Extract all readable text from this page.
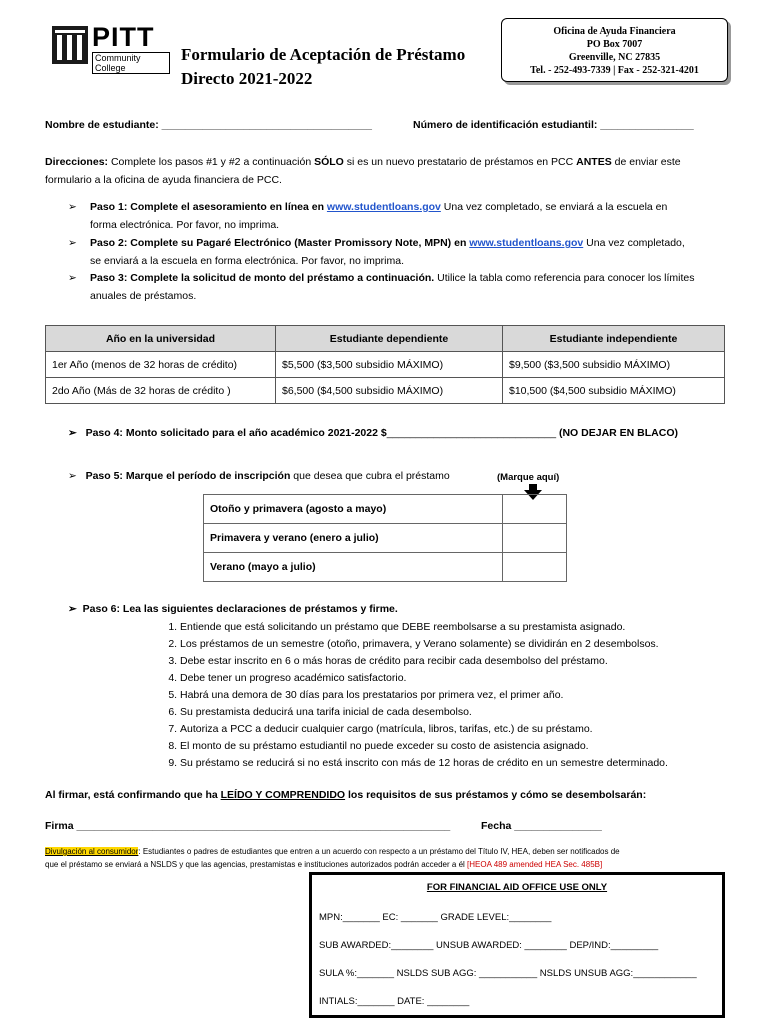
PITT
Community College
Formulario de Aceptación de Préstamo
Directo 2021-2022
Oficina de Ayuda Financiera
PO Box 7007
Greenville, NC 27835
Tel. - 252-493-7339 | Fax - 252-321-4201
Nombre de estudiante: ____________________________________	Número de identificación estudiantil: ________________
Direcciones: Complete los pasos #1 y #2 a continuación SÓLO si es un nuevo prestatario de préstamos en PCC ANTES de enviar este
formulario a la oficina de ayuda financiera de PCC.
➢ Paso 1: Complete el asesoramiento en línea en www.studentloans.gov Una vez completado, se enviará a la escuela en
forma electrónica. Por favor, no imprima.
➢ Paso 2: Complete su Pagaré Electrónico (Master Promissory Note, MPN) en www.studentloans.gov Una vez completado,
se enviará a la escuela en forma electrónica. Por favor, no imprima.
➢ Paso 3: Complete la solicitud de monto del préstamo a continuación. Utilice la tabla como referencia para conocer los límites
anuales de préstamos.
Año en la universidad	Estudiante dependiente	Estudiante independiente
1er Año (menos de 32 horas de crédito)	$5,500 ($3,500 subsidio MÁXIMO)	$9,500 ($3,500 subsidio MÁXIMO)
2do Año (Más de 32 horas de crédito )	$6,500 ($4,500 subsidio MÁXIMO)	$10,500 ($4,500 subsidio MÁXIMO)
➢ Paso 4: Monto solicitado para el año académico 2021-2022 $_____________________________ (NO DEJAR EN BLACO)
➢ Paso 5: Marque el período de inscripción que desea que cubra el préstamo	(Marque aquí)
Otoño y primavera (agosto a mayo)	
Primavera y verano (enero a julio)	
Verano (mayo a julio)	
➢ Paso 6: Lea las siguientes declaraciones de préstamos y firme.
1. Entiende que está solicitando un préstamo que DEBE reembolsarse a su prestamista asignado.
2. Los préstamos de un semestre (otoño, primavera, y Verano solamente) se dividirán en 2 desembolsos.
3. Debe estar inscrito en 6 o más horas de crédito para recibir cada desembolso del préstamo.
4. Debe tener un progreso académico satisfactorio.
5. Habrá una demora de 30 días para los prestatarios por primera vez, el primer año.
6. Su prestamista deducirá una tarifa inicial de cada desembolso.
7. Autoriza a PCC a deducir cualquier cargo (matrícula, libros, tarifas, etc.) de su préstamo.
8. El monto de su préstamo estudiantil no puede exceder su costo de asistencia asignado.
9. Su préstamo se reducirá si no está inscrito con más de 12 horas de crédito en un semestre determinado.
Al firmar, está confirmando que ha LEÍDO Y COMPRENDIDO los requisitos de sus préstamos y cómo se desembolsarán:
Firma ________________________________________________________________	Fecha _______________
Divulgación al consumidor: Estudiantes o padres de estudiantes que entren a un acuerdo con respecto a un préstamo del Título IV, HEA, deben ser notificados de
que el préstamo se enviará a NSLDS y que las agencias, prestamistas e instituciones autorizados podrán acceder a él [HEOA 489 amended HEA Sec. 485B]
FOR FINANCIAL AID OFFICE USE ONLY
MPN:_______ EC: _______ GRADE LEVEL:________
SUB AWARDED:________ UNSUB AWARDED: ________ DEP/IND:_________
SULA %:_______ NSLDS SUB AGG: ___________ NSLDS UNSUB AGG:____________
INTIALS:_______ DATE: ________
